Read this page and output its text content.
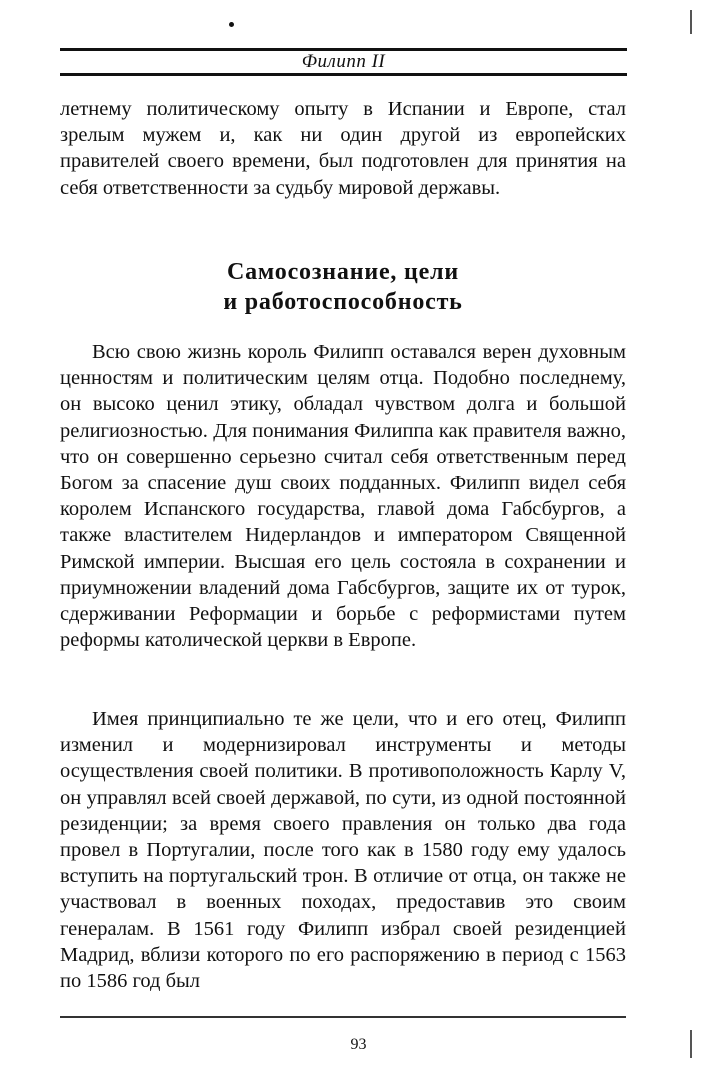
Филипп II

летнему политическому опыту в Испании и Европе, стал зрелым мужем и, как ни один другой из европейских правителей своего времени, был подготовлен для принятия на себя ответственности за судьбу мировой державы.

Самосознание, цели
и работоспособность

Всю свою жизнь король Филипп оставался верен духовным ценностям и политическим целям отца. Подобно последнему, он высоко ценил этику, обладал чувством долга и большой религиозностью. Для понимания Филиппа как правителя важно, что он совершенно серьезно считал себя ответственным перед Богом за спасение душ своих подданных. Филипп видел себя королем Испанского государства, главой дома Габсбургов, а также властителем Нидерландов и императором Священной Римской империи. Высшая его цель состояла в сохранении и приумножении владений дома Габсбургов, защите их от турок, сдерживании Реформации и борьбе с реформистами путем реформы католической церкви в Европе.

Имея принципиально те же цели, что и его отец, Филипп изменил и модернизировал инструменты и методы осуществления своей политики. В противоположность Карлу V, он управлял всей своей державой, по сути, из одной постоянной резиденции; за время своего правления он только два года провел в Португалии, после того как в 1580 году ему удалось вступить на португальский трон. В отличие от отца, он также не участвовал в военных походах, предоставив это своим генералам. В 1561 году Филипп избрал своей резиденцией Мадрид, вблизи которого по его распоряжению в период с 1563 по 1586 год был

93
